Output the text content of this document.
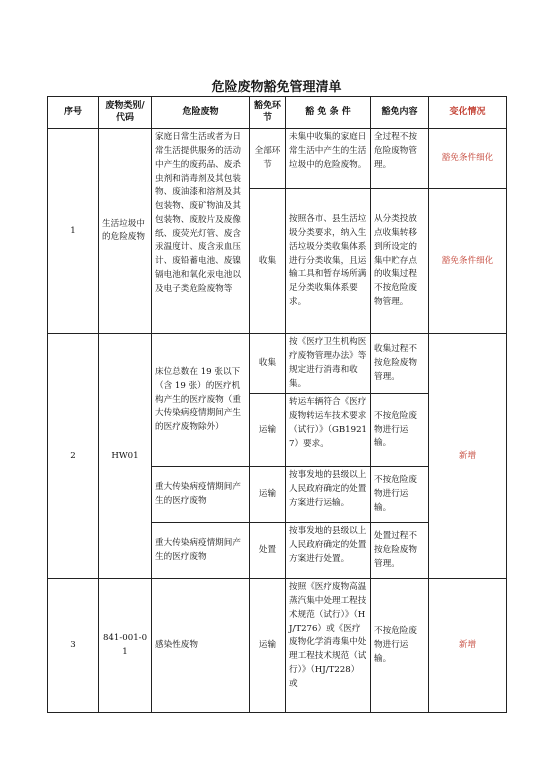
危险废物豁免管理清单
序号	废物类别/代码	危险废物	豁免环节	豁 免 条 件	豁免内容	变化情况
1	生活垃圾中的危险废物	家庭日常生活或者为日常生活提供服务的活动中产生的废药品、废杀虫剂和消毒剂及其包装物、废油漆和溶剂及其包装物、废矿物油及其包装物、废胶片及废像纸、废荧光灯管、废含汞温度计、废含汞血压计、废铅蓄电池、废镍镉电池和氧化汞电池以及电子类危险废物等	全部环节	未集中收集的家庭日常生活中产生的生活垃圾中的危险废物。	全过程不按危险废物管理。	豁免条件细化
			收集	按照各市、县生活垃圾分类要求，纳入生活垃圾分类收集体系进行分类收集，且运输工具和暂存场所满足分类收集体系要求。	从分类投放点收集转移到所设定的集中贮存点的收集过程不按危险废物管理。	豁免条件细化
2	HW01	床位总数在 19 张以下（含 19 张）的医疗机构产生的医疗废物（重大传染病疫情期间产生的医疗废物除外）	收集	按《医疗卫生机构医疗废物管理办法》等规定进行消毒和收集。	收集过程不按危险废物管理。	新增
			运输	转运车辆符合《医疗废物转运车技术要求（试行）》（GB19217）要求。	不按危险废物进行运输。	
		重大传染病疫情期间产生的医疗废物	运输	按事发地的县级以上人民政府确定的处置方案进行运输。	不按危险废物进行运输。	
		重大传染病疫情期间产生的医疗废物	处置	按事发地的县级以上人民政府确定的处置方案进行处置。	处置过程不按危险废物管理。	
3	841-001-01	感染性废物	运输	按照《医疗废物高温蒸汽集中处理工程技术规范（试行）》（HJ/T276）或《医疗废物化学消毒集中处理工程技术规范（试行）》（HJ/T228）或	不按危险废物进行运输。	新增
